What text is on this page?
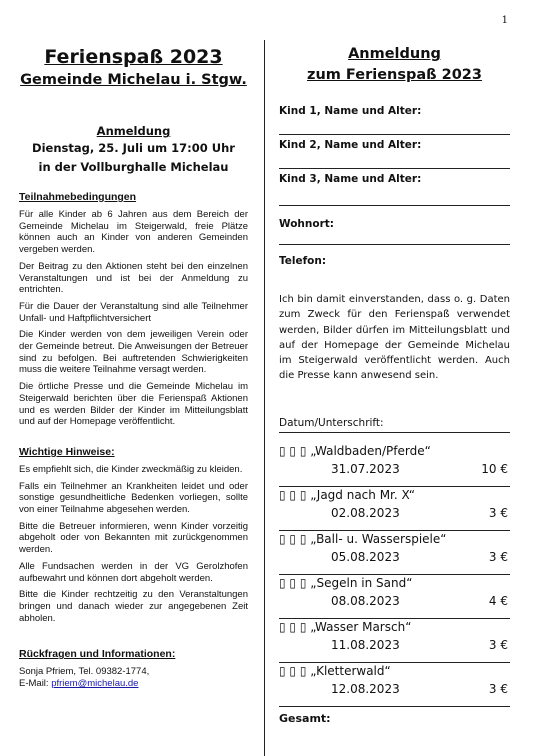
1
Ferienspaß 2023
Gemeinde Michelau i. Stgw.
Anmeldung
Dienstag, 25. Juli um 17:00 Uhr
in der Vollburghalle Michelau
Teilnahmebedingungen

Für alle Kinder ab 6 Jahren aus dem Bereich der Gemeinde Michelau im Steigerwald, freie Plätze können auch an Kinder von anderen Gemeinden vergeben werden.

Der Beitrag zu den Aktionen steht bei den einzelnen Veranstaltungen und ist bei der Anmeldung zu entrichten.

Für die Dauer der Veranstaltung sind alle Teilnehmer Unfall- und Haftpflichtversichert

Die Kinder werden von dem jeweiligen Verein oder der Gemeinde betreut. Die Anweisungen der Betreuer sind zu befolgen. Bei auftretenden Schwierigkeiten muss die weitere Teilnahme versagt werden.

Die örtliche Presse und die Gemeinde Michelau im Steigerwald berichten über die Ferienspaß Aktionen und es werden Bilder der Kinder im Mitteilungsblatt und auf der Homepage veröffentlicht.

Wichtige Hinweise:

Es empfiehlt sich, die Kinder zweckmäßig zu kleiden.

Falls ein Teilnehmer an Krankheiten leidet und oder sonstige gesundheitliche Bedenken vorliegen, sollte von einer Teilnahme abgesehen werden.

Bitte die Betreuer informieren, wenn Kinder vorzeitig abgeholt oder von Bekannten mit zurückgenommen werden.

Alle Fundsachen werden in der VG Gerolzhofen aufbewahrt und können dort abgeholt werden.

Bitte die Kinder rechtzeitig zu den Veranstaltungen bringen und danach wieder zur angegebenen Zeit abholen.

Rückfragen und Informationen:

Sonja Pfriem, Tel. 09382-1774,

E-Mail: pfriem@michelau.de

Anmeldung
zum Ferienspaß 2023
Kind 1, Name und Alter:
Kind 2, Name und Alter:
Kind 3, Name und Alter:
Wohnort:
Telefon:
Ich bin damit einverstanden, dass o. g. Daten zum Zweck für den Ferienspaß verwendet werden, Bilder dürfen im Mitteilungsblatt und auf der Homepage der Gemeinde Michelau im Steigerwald veröffentlicht werden. Auch die Presse kann anwesend sein.
Datum/Unterschrift:
▯ ▯ ▯ „Waldbaden/Pferde“
31.07.2023	10 €
▯ ▯ ▯ „Jagd nach Mr. X“
02.08.2023	3 €
▯ ▯ ▯ „Ball- u. Wasserspiele“
05.08.2023	3 €
▯ ▯ ▯ „Segeln in Sand“
08.08.2023	4 €
▯ ▯ ▯ „Wasser Marsch“
11.08.2023	3 €
▯ ▯ ▯ „Kletterwald“
12.08.2023	3 €
Gesamt:
